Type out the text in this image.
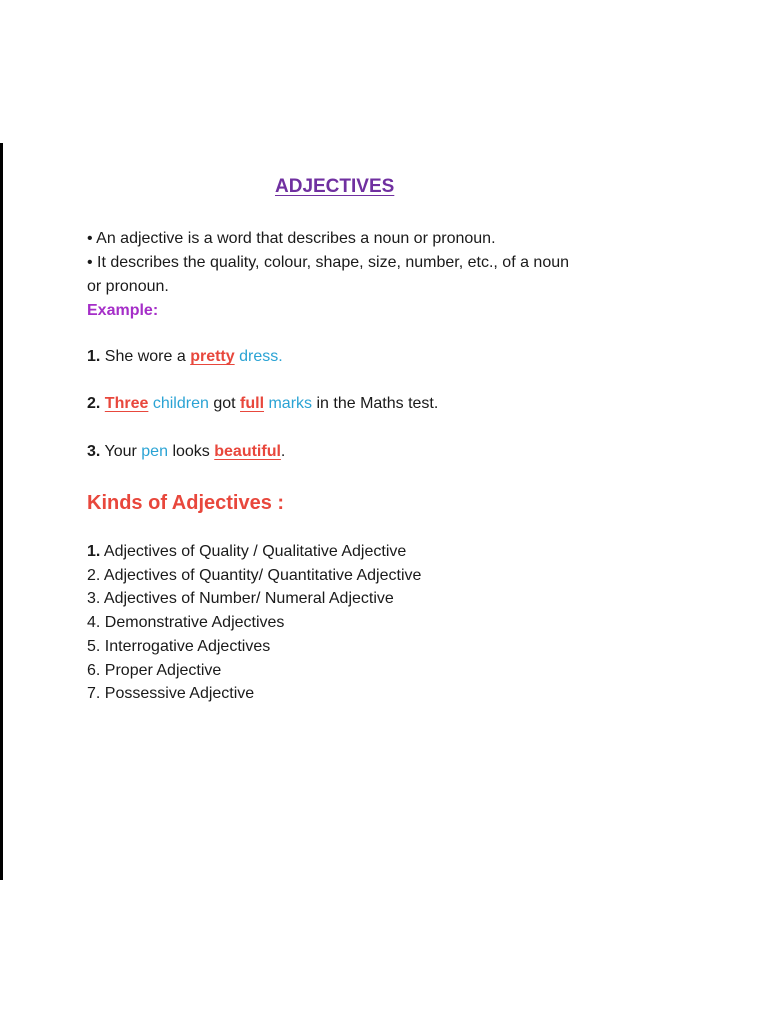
ADJECTIVES
• An adjective is a word that describes a noun or pronoun.
• It describes the quality, colour, shape, size, number, etc., of a noun
or pronoun.
Example:
1. She wore a pretty dress.
2. Three children got full marks in the Maths test.
3. Your pen looks beautiful.
Kinds of Adjectives :
1. Adjectives of Quality / Qualitative Adjective
2. Adjectives of Quantity/ Quantitative Adjective
3. Adjectives of Number/ Numeral Adjective
4. Demonstrative Adjectives
5. Interrogative Adjectives
6. Proper Adjective
7. Possessive Adjective
